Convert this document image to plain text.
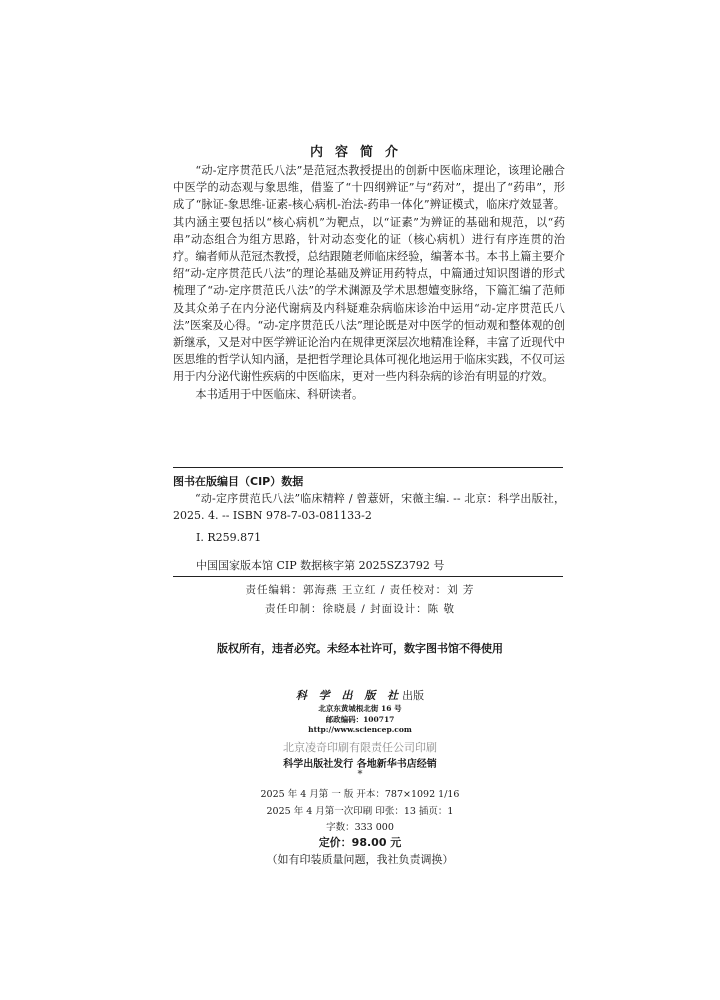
内容简介

“动-定序贯范氏八法”是范冠杰教授提出的创新中医临床理论，该理论融合中医学的动态观与象思维，借鉴了“十四纲辨证”与“药对”，提出了“药串”，形成了“脉证-象思维-证素-核心病机-治法-药串一体化”辨证模式，临床疗效显著。其内涵主要包括以“核心病机”为靶点，以“证素”为辨证的基础和规范，以“药串”动态组合为组方思路，针对动态变化的证（核心病机）进行有序连贯的治疗。编者师从范冠杰教授，总结跟随老师临床经验，编著本书。本书上篇主要介绍“动-定序贯范氏八法”的理论基础及辨证用药特点，中篇通过知识图谱的形式梳理了“动-定序贯范氏八法”的学术渊源及学术思想嬗变脉络，下篇汇编了范师及其众弟子在内分泌代谢病及内科疑难杂病临床诊治中运用“动-定序贯范氏八法”医案及心得。“动-定序贯范氏八法”理论既是对中医学的恒动观和整体观的创新继承，又是对中医学辨证论治内在规律更深层次地精准诠释，丰富了近现代中医思维的哲学认知内涵，是把哲学理论具体可视化地运用于临床实践，不仅可运用于内分泌代谢性疾病的中医临床，更对一些内科杂病的诊治有明显的疗效。

本书适用于中医临床、科研读者。

图书在版编目（CIP）数据
“动-定序贯范氏八法”临床精粹 / 曾薏妍，宋薇主编. -- 北京：科学出版社， 2025. 4. -- ISBN 978-7-03-081133-2
Ⅰ. R259.871
中国国家版本馆 CIP 数据核字第 2025SZ3792 号
责任编辑：郭海燕 王立红 / 责任校对：刘 芳
责任印制：徐晓晨 / 封面设计：陈 敬
版权所有，违者必究。未经本社许可，数字图书馆不得使用
科 学 出 版 社出版
北京东黄城根北街 16 号
邮政编码：100717
http://www.sciencep.com
北京凌奇印刷有限责任公司印刷
科学出版社发行 各地新华书店经销
*
2025 年 4 月第 一 版 开本：787×1092 1/16
2025 年 4 月第一次印刷 印张：13 插页：1
字数：333 000
定价：98.00 元
（如有印装质量问题，我社负责调换）
